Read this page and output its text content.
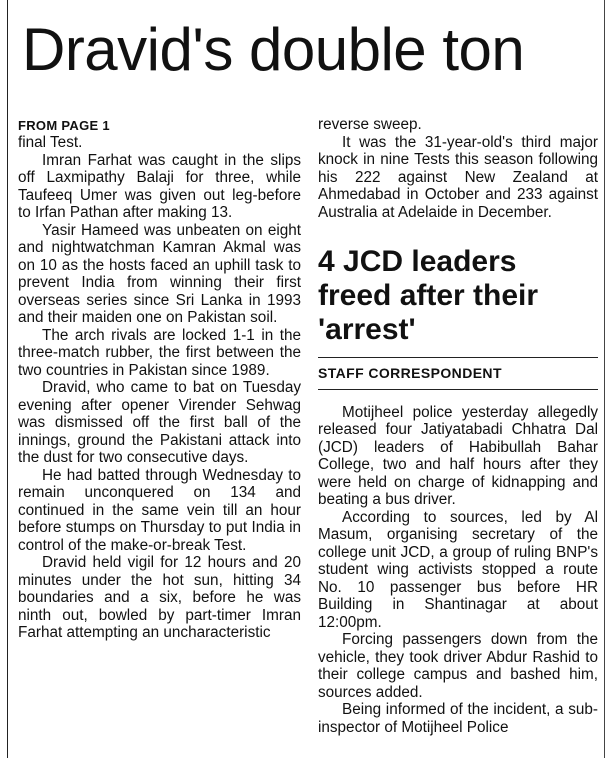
Dravid's double ton
FROM PAGE 1

final Test.

Imran Farhat was caught in the slips off Laxmipathy Balaji for three, while Taufeeq Umer was given out leg-before to Irfan Pathan after making 13.

Yasir Hameed was unbeaten on eight and nightwatchman Kamran Akmal was on 10 as the hosts faced an uphill task to prevent India from winning their first overseas series since Sri Lanka in 1993 and their maiden one on Pakistan soil.

The arch rivals are locked 1-1 in the three-match rubber, the first between the two countries in Pakistan since 1989.

Dravid, who came to bat on Tuesday evening after opener Virender Sehwag was dismissed off the first ball of the innings, ground the Pakistani attack into the dust for two consecutive days.

He had batted through Wednesday to remain unconquered on 134 and continued in the same vein till an hour before stumps on Thursday to put India in control of the make-or-break Test.

Dravid held vigil for 12 hours and 20 minutes under the hot sun, hitting 34 boundaries and a six, before he was ninth out, bowled by part-timer Imran Farhat attempting an uncharacteristic

reverse sweep.

It was the 31-year-old's third major knock in nine Tests this season following his 222 against New Zealand at Ahmedabad in October and 233 against Australia at Adelaide in December.

4 JCD leaders freed after their 'arrest'
STAFF CORRESPONDENT

Motijheel police yesterday allegedly released four Jatiyatabadi Chhatra Dal (JCD) leaders of Habibullah Bahar College, two and half hours after they were held on charge of kidnapping and beating a bus driver.

According to sources, led by Al Masum, organising secretary of the college unit JCD, a group of ruling BNP's student wing activists stopped a route No. 10 passenger bus before HR Building in Shantinagar at about 12:00pm.

Forcing passengers down from the vehicle, they took driver Abdur Rashid to their college campus and bashed him, sources added.

Being informed of the incident, a sub-inspector of Motijheel Police
